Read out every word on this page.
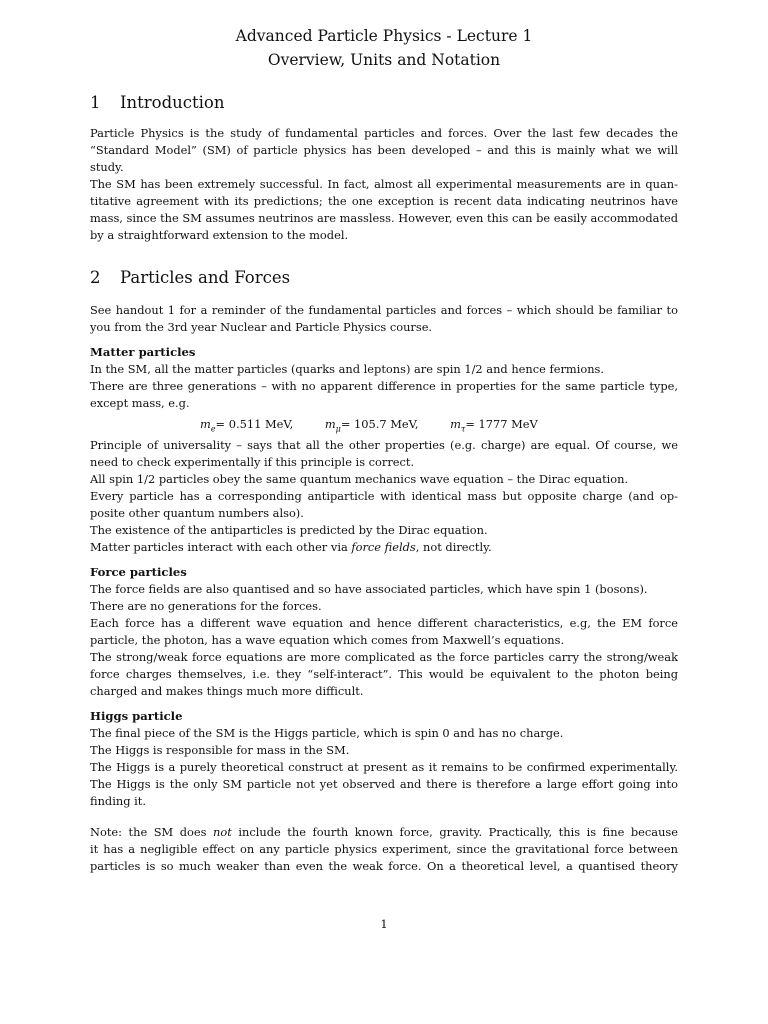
Advanced Particle Physics - Lecture 1
Overview, Units and Notation
1 Introduction
Particle Physics is the study of fundamental particles and forces. Over the last few decades the
“Standard Model” (SM) of particle physics has been developed – and this is mainly what we will
study.
The SM has been extremely successful. In fact, almost all experimental measurements are in quan-
titative agreement with its predictions; the one exception is recent data indicating neutrinos have
mass, since the SM assumes neutrinos are massless. However, even this can be easily accommodated
by a straightforward extension to the model.
2 Particles and Forces
See handout 1 for a reminder of the fundamental particles and forces – which should be familiar to
you from the 3rd year Nuclear and Particle Physics course.
Matter particles
In the SM, all the matter particles (quarks and leptons) are spin 1/2 and hence fermions.
There are three generations – with no apparent difference in properties for the same particle type,
except mass, e.g.
$m_e= 0.511$ MeV,	$m_\mu= 105.7$ MeV,	$m_\tau= 1777$ MeV
Principle of universality – says that all the other properties (e.g. charge) are equal. Of course, we
need to check experimentally if this principle is correct.
All spin 1/2 particles obey the same quantum mechanics wave equation – the Dirac equation.
Every particle has a corresponding antiparticle with identical mass but opposite charge (and op-
posite other quantum numbers also).
The existence of the antiparticles is predicted by the Dirac equation.
Matter particles interact with each other via force fields, not directly.
Force particles
The force fields are also quantised and so have associated particles, which have spin 1 (bosons).
There are no generations for the forces.
Each force has a different wave equation and hence different characteristics, e.g, the EM force
particle, the photon, has a wave equation which comes from Maxwell’s equations.
The strong/weak force equations are more complicated as the force particles carry the strong/weak
force charges themselves, i.e. they “self-interact”. This would be equivalent to the photon being
charged and makes things much more difficult.
Higgs particle
The final piece of the SM is the Higgs particle, which is spin 0 and has no charge.
The Higgs is responsible for mass in the SM.
The Higgs is a purely theoretical construct at present as it remains to be confirmed experimentally.
The Higgs is the only SM particle not yet observed and there is therefore a large effort going into
finding it.
Note: the SM does not include the fourth known force, gravity. Practically, this is fine because
it has a negligible effect on any particle physics experiment, since the gravitational force between
particles is so much weaker than even the weak force. On a theoretical level, a quantised theory
1
